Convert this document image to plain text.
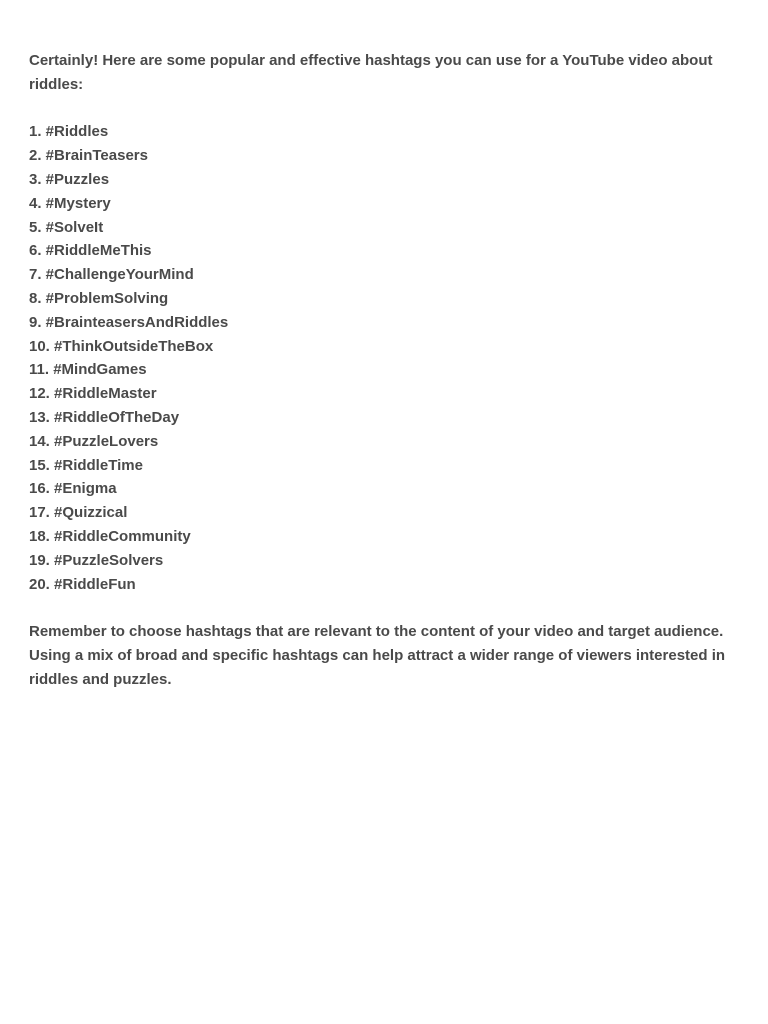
Certainly! Here are some popular and effective hashtags you can use for a YouTube video about riddles:

1. #Riddles
2. #BrainTeasers
3. #Puzzles
4. #Mystery
5. #SolveIt
6. #RiddleMeThis
7. #ChallengeYourMind
8. #ProblemSolving
9. #BrainteasersAndRiddles
10. #ThinkOutsideTheBox
11. #MindGames
12. #RiddleMaster
13. #RiddleOfTheDay
14. #PuzzleLovers
15. #RiddleTime
16. #Enigma
17. #Quizzical
18. #RiddleCommunity
19. #PuzzleSolvers
20. #RiddleFun

Remember to choose hashtags that are relevant to the content of your video and target audience. Using a mix of broad and specific hashtags can help attract a wider range of viewers interested in riddles and puzzles.
